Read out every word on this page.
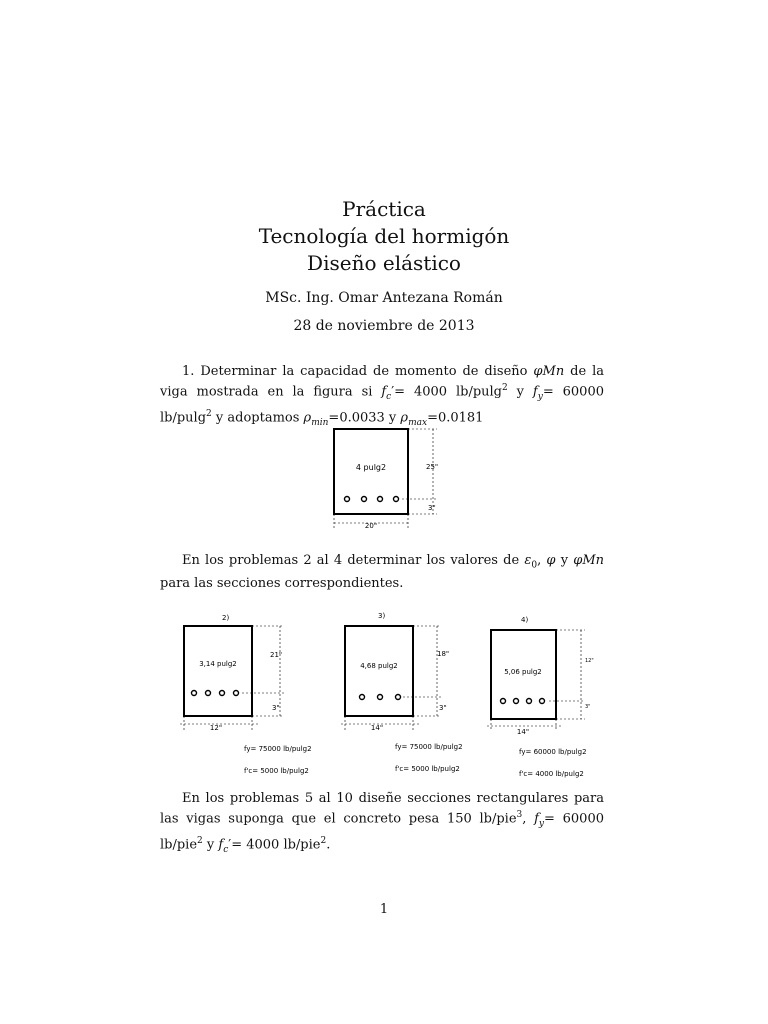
Práctica
Tecnología del hormigón
Diseño elástico
MSc. Ing. Omar Antezana Román
28 de noviembre de 2013
1. Determinar la capacidad de momento de diseño φMn de la viga mostrada en la figura si $f_c'= 4000$ lb/pulg$^2$ y $f_y= 60000$ lb/pulg$^2$ y adoptamos $\rho_{min}=0.0033$ y $\rho_{max}=0.0181$
4 pulg2	25"
3"
20"
En los problemas 2 al 4 determinar los valores de $\varepsilon_0$, φ y φMn para las secciones correspondientes.
2)
3,14 pulg2
21"
3"
12"
fy= 75000 lb/pulg2
f'c= 5000 lb/pulg2
3)
4,68 pulg2
18"
3"
14"
fy= 75000 lb/pulg2
f'c= 5000 lb/pulg2
4)
5,06 pulg2
12"
3"
14"
fy= 60000 lb/pulg2
f'c= 4000 lb/pulg2
En los problemas 5 al 10 diseñe secciones rectangulares para las vigas suponga que el concreto pesa 150 lb/pie$^3$, $f_y= 60000$ lb/pie$^2$ y $f_c'= 4000$ lb/pie$^2$.
1
